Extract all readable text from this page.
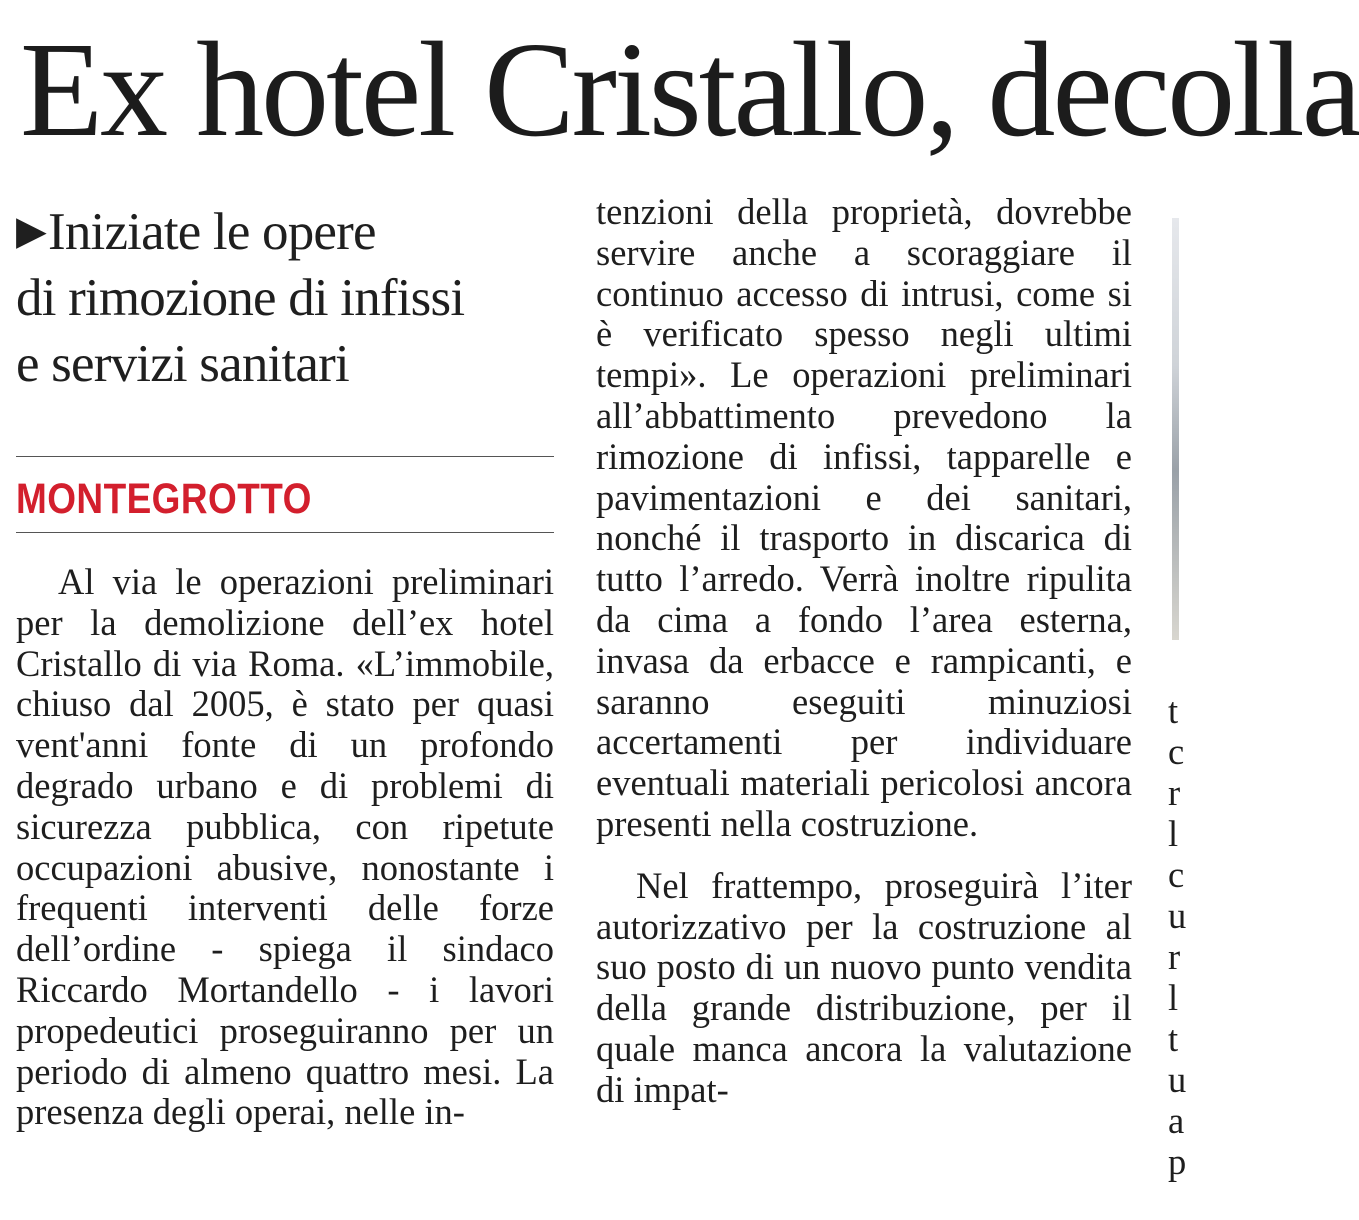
Ex hotel Cristallo, decolla
▶Iniziate le opere
di rimozione di infissi
e servizi sanitari
MONTEGROTTO

Al via le operazioni preliminari per la demolizione dell’ex hotel Cristallo di via Roma. «L’immobile, chiuso dal 2005, è stato per quasi vent'anni fonte di un profondo degrado urbano e di problemi di sicurezza pubblica, con ripetute occupazioni abusive, nonostante i frequenti interventi delle forze dell’ordine - spiega il sindaco Riccardo Mortandello - i lavori propedeutici proseguiranno per un periodo di almeno quattro mesi. La presenza degli operai, nelle in-

tenzioni della proprietà, dovrebbe servire anche a scoraggiare il continuo accesso di intrusi, come si è verificato spesso negli ultimi tempi». Le operazioni preliminari all’abbattimento prevedono la rimozione di infissi, tapparelle e pavimentazioni e dei sanitari, nonché il trasporto in discarica di tutto l’arredo. Verrà inoltre ripulita da cima a fondo l’area esterna, invasa da erbacce e rampicanti, e saranno eseguiti minuziosi accertamenti per individuare eventuali materiali pericolosi ancora presenti nella costruzione.

Nel frattempo, proseguirà l’iter autorizzativo per la costruzione al suo posto di un nuovo punto vendita della grande distribuzione, per il quale manca ancora la valutazione di impat-

t
c
r
l
c
u
r
l
t
u
a
p
